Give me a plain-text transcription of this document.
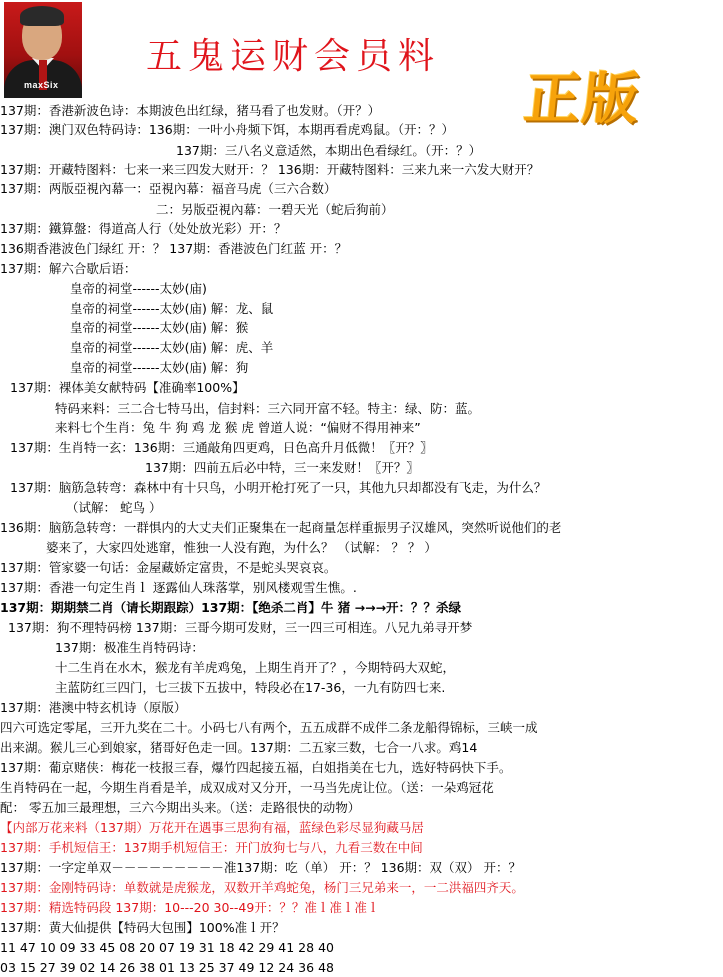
maxSix
五鬼运财会员料
正版
137期：香港新波色诗：本期波色出红绿，猪马看了也发财。（开？）
137期：澳门双色特码诗：136期：一叶小舟频下饵，本期再看虎鸡鼠。（开：？）
137期：三八名义意适然，本期出色看绿红。（开：？）
137期：开藏特图料：七来一来三四发大财开：？ 136期：开藏特图料：三来九来一六发大财开？
137期：两版亞視內幕一：亞視內幕：福音马虎（三六合数）
二：另版亞視內幕：一碧天光（蛇后狗前）
137期：鐵算盤：得道高人行（处处放光彩）开：？
136期香港波色门绿红 开：？ 137期：香港波色门红蓝 开：？
137期：解六合歇后语：
皇帝的祠堂------太妙(庙)
皇帝的祠堂------太妙(庙) 解：龙、鼠
皇帝的祠堂------太妙(庙) 解：猴
皇帝的祠堂------太妙(庙) 解：虎、羊
皇帝的祠堂------太妙(庙) 解：狗
137期：裸体美女献特码【准确率100%】
特码来料：三二合七特马出，信封料：三六同开富不轻。特主：绿、防：蓝。
来料七个生肖：兔 牛 狗 鸡 龙 猴 虎 曾道人说：“偏财不得用神来”
137期：生肖特一玄：136期：三通敲角四更鸡，日色高升月低微！〖开？〗
137期：四前五后必中特，三一来发财！〖开？〗
137期：脑筋急转弯：森林中有十只鸟，小明开枪打死了一只，其他九只却都没有飞走，为什么？
（试解： 蛇鸟 ）
136期：脑筋急转弯：一群惧内的大丈夫们正聚集在一起商量怎样重振男子汉雄风，突然听说他们的老
婆来了，大家四处逃窜，惟独一人没有跑，为什么？ （试解： ？ ？ ）
137期：管家婆一句话：金屋藏娇定富贵，不是蛇头哭哀哀。
137期：香港一句定生肖ｌ 逐露仙人珠落掌，别风楼观雪生憔。.
137期：期期禁二肖（请长期跟踪）137期：【绝杀二肖】牛 猪 →→→开：？？杀绿
137期：狗不理特码榜 137期：三哥今期可发财，三一四三可相连。八兄九弟寻开梦
137期：极准生肖特码诗：
十二生肖在水木，猴龙有羊虎鸡兔，上期生肖开了？，今期特码大双蛇，
主蓝防红三四门，七三拔下五拔中，特段必在17-36，一九有防四七来.
137期：港澳中特玄机诗（原版）
四六可选定零尾，三开九奖在二十。小码七八有两个，五五成群不成伴二条龙船得锦标，三峡一成
出来湖。猴儿三心到娘家，猪哥好色走一回。137期：二五家三数，七合一八求。鸡14
137期：葡京赌侠：梅花一枝报三春，爆竹四起接五福，白姐指美在七九，选好特码快下手。
生肖特码在一起，今期生肖看是羊，成双成对又分开，一马当先虎让位。（送：一朵鸡冠花
配： 零五加三最理想，三六今期出头来。（送：走路很快的动物）
【内部万花来料（137期）万花开在遇事三思狗有福，蓝绿色彩尽显狗藏马居
137期：手机短信王：137期手机短信王：开门放狗七与八，九看三数在中间
137期：一字定单双－－－－－－－－－准137期：吃（单） 开：？ 136期：双（双） 开：？
137期：金刚特码诗：单数就是虎猴龙，双数开羊鸡蛇兔，杨门三兄弟来一，一二洪福四齐天。
137期：精选特码段 137期：10---20 30--49开：？？准ｌ准ｌ准ｌ
137期：黄大仙提供【特码大包围】100%准ｌ开？
11 47 10 09 33 45 08 20 07 19 31 18 42 29 41 28 40
03 15 27 39 02 14 26 38 01 13 25 37 49 12 24 36 48
